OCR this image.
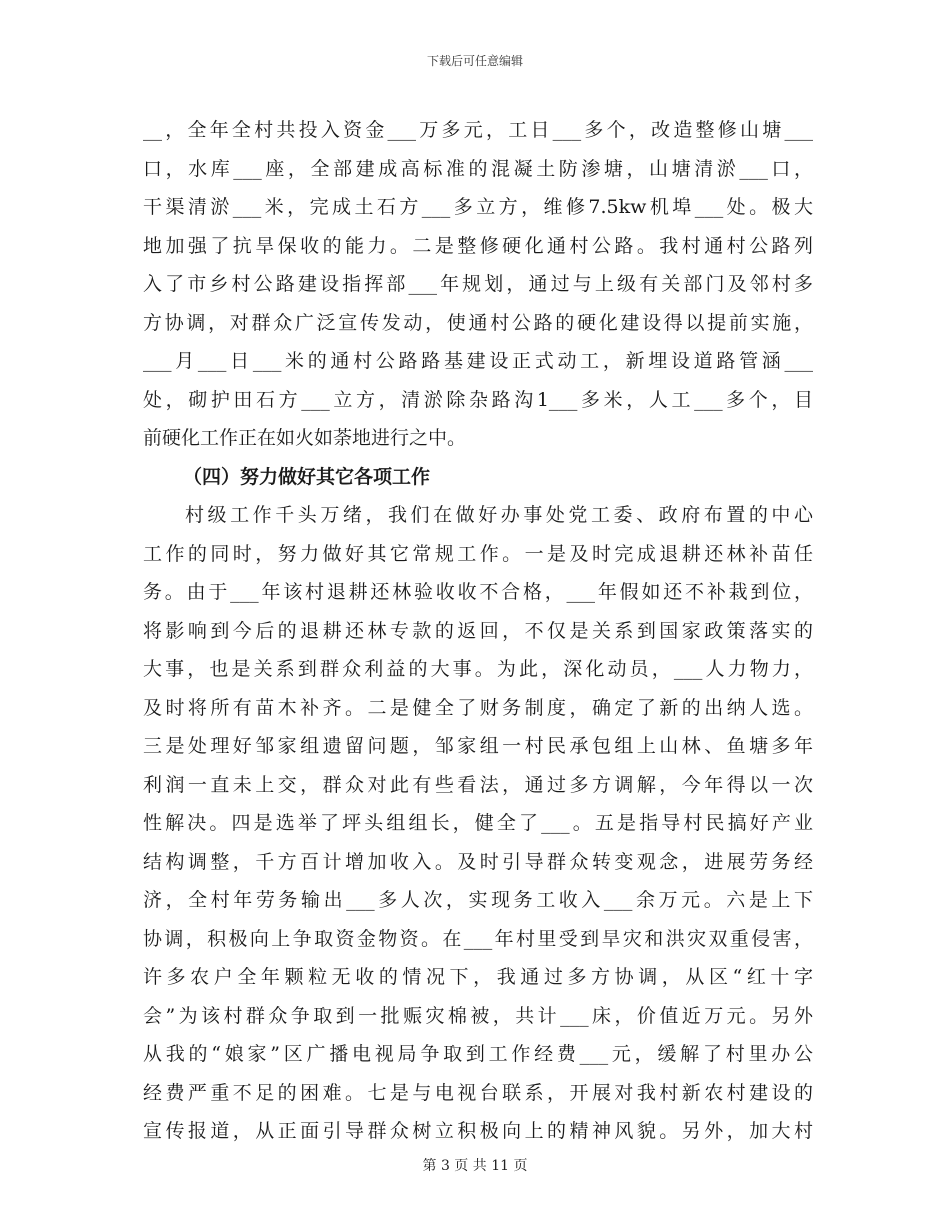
下载后可任意编辑
__，全年全村共投入资金___万多元，工日___多个，改造整修山塘___
口，水库___座，全部建成高标准的混凝土防渗塘，山塘清淤___口，
干渠清淤___米，完成土石方___多立方，维修7.5kw机埠___处。极大
地加强了抗旱保收的能力。二是整修硬化通村公路。我村通村公路列
入了市乡村公路建设指挥部___年规划，通过与上级有关部门及邻村多
方协调，对群众广泛宣传发动，使通村公路的硬化建设得以提前实施，
___月___日___米的通村公路路基建设正式动工，新埋设道路管涵___
处，砌护田石方___立方，清淤除杂路沟1___多米，人工___多个，目
前硬化工作正在如火如荼地进行之中。
（四）努力做好其它各项工作
村级工作千头万绪，我们在做好办事处党工委、政府布置的中心
工作的同时，努力做好其它常规工作。一是及时完成退耕还林补苗任
务。由于___年该村退耕还林验收收不合格，___年假如还不补栽到位，
将影响到今后的退耕还林专款的返回，不仅是关系到国家政策落实的
大事，也是关系到群众利益的大事。为此，深化动员，___人力物力，
及时将所有苗木补齐。二是健全了财务制度，确定了新的出纳人选。
三是处理好邹家组遗留问题，邹家组一村民承包组上山林、鱼塘多年
利润一直未上交，群众对此有些看法，通过多方调解，今年得以一次
性解决。四是选举了坪头组组长，健全了___。五是指导村民搞好产业
结构调整，千方百计增加收入。及时引导群众转变观念，进展劳务经
济，全村年劳务输出___多人次，实现务工收入___余万元。六是上下
协调，积极向上争取资金物资。在___年村里受到旱灾和洪灾双重侵害，
许多农户全年颗粒无收的情况下，我通过多方协调，从区“红十字
会”为该村群众争取到一批赈灾棉被，共计___床，价值近万元。另外
从我的“娘家”区广播电视局争取到工作经费___元，缓解了村里办公
经费严重不足的困难。七是与电视台联系，开展对我村新农村建设的
宣传报道，从正面引导群众树立积极向上的精神风貌。另外，加大村
第 3 页 共 11 页
